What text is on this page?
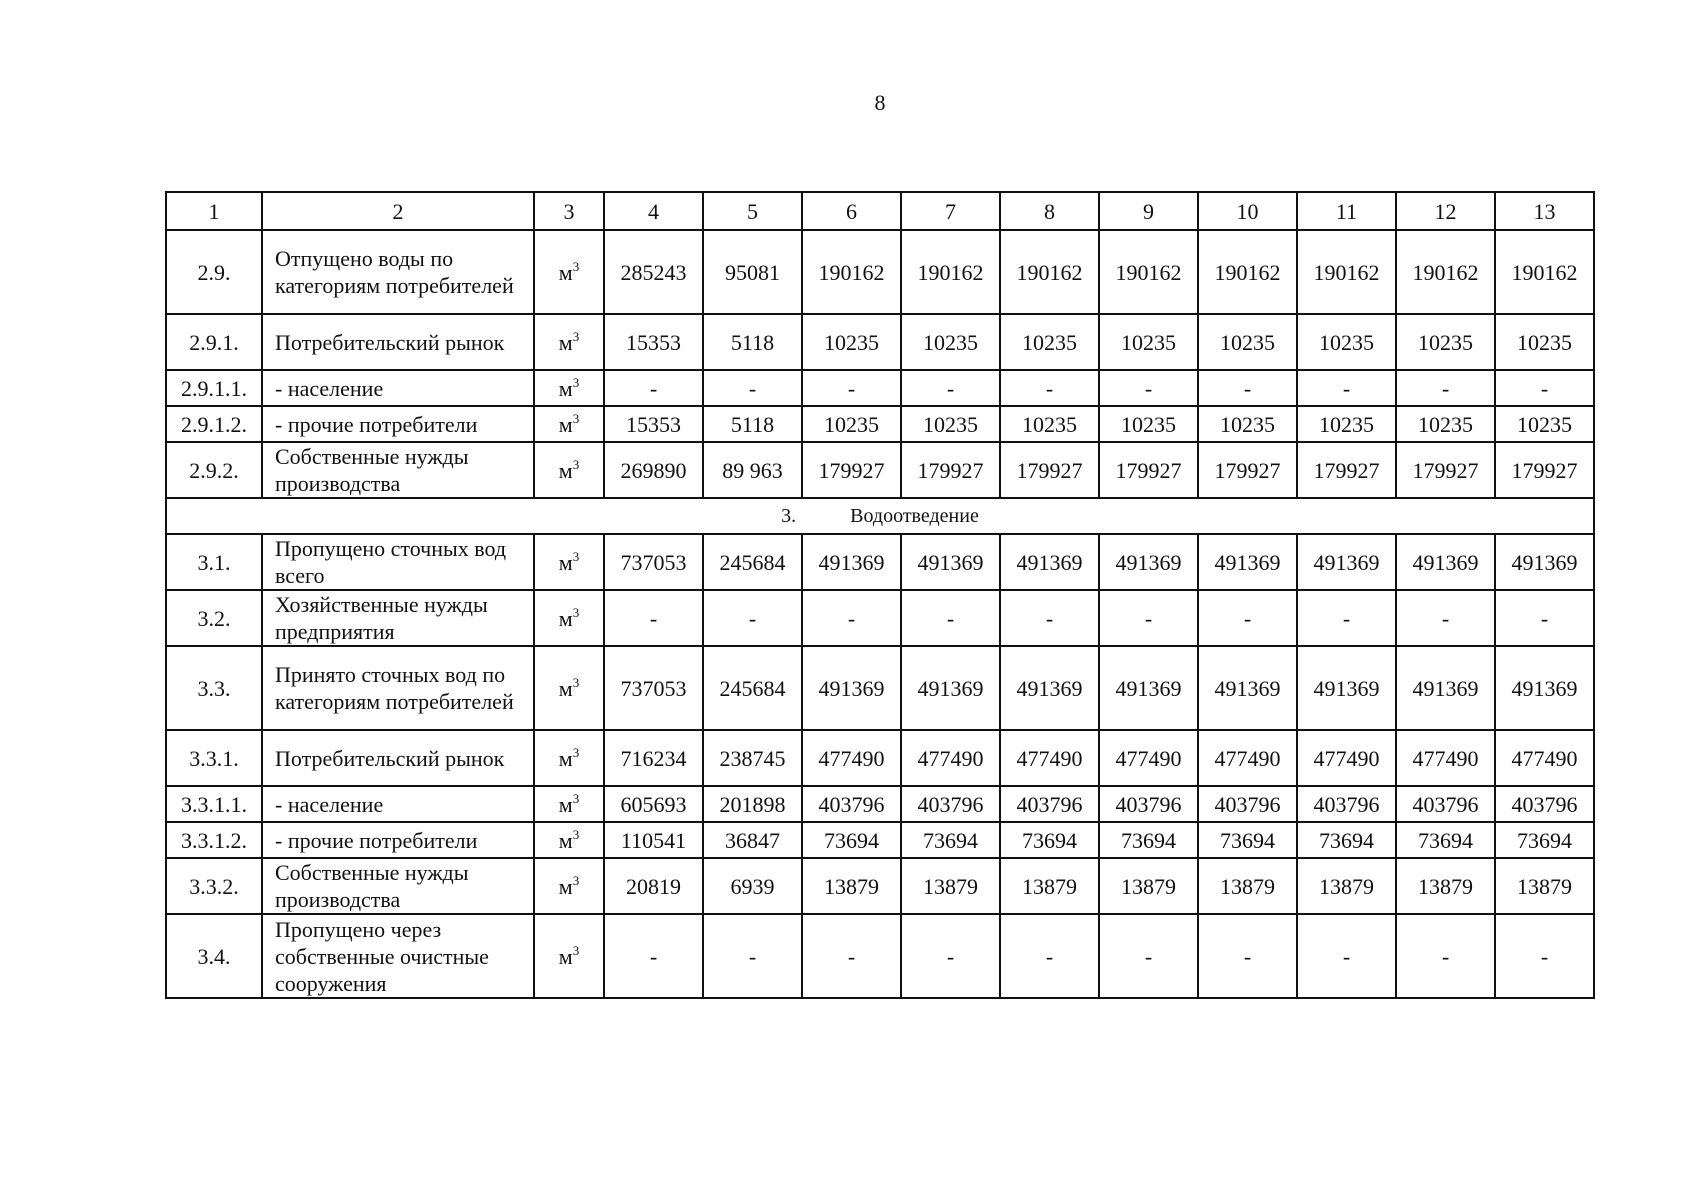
8
1	2	3	4	5	6	7	8	9	10	11	12	13
2.9.	Отпущено воды по категориям потребителей	$м^3$	285243	95081	190162	190162	190162	190162	190162	190162	190162	190162
2.9.1.	Потребительский рынок	$м^3$	15353	5118	10235	10235	10235	10235	10235	10235	10235	10235
2.9.1.1.	- население	$м^3$	-	-	-	-	-	-	-	-	-	-
2.9.1.2.	- прочие потребители	$м^3$	15353	5118	10235	10235	10235	10235	10235	10235	10235	10235
2.9.2.	Собственные нужды производства	$м^3$	269890	89 963	179927	179927	179927	179927	179927	179927	179927	179927
3. Водоотведение												
3.1.	Пропущено сточных вод всего	$м^3$	737053	245684	491369	491369	491369	491369	491369	491369	491369	491369
3.2.	Хозяйственные нужды предприятия	$м^3$	-	-	-	-	-	-	-	-	-	-
3.3.	Принято сточных вод по категориям потребителей	$м^3$	737053	245684	491369	491369	491369	491369	491369	491369	491369	491369
3.3.1.	Потребительский рынок	$м^3$	716234	238745	477490	477490	477490	477490	477490	477490	477490	477490
3.3.1.1.	- население	$м^3$	605693	201898	403796	403796	403796	403796	403796	403796	403796	403796
3.3.1.2.	- прочие потребители	$м^3$	110541	36847	73694	73694	73694	73694	73694	73694	73694	73694
3.3.2.	Собственные нужды производства	$м^3$	20819	6939	13879	13879	13879	13879	13879	13879	13879	13879
3.4.	Пропущено через собственные очистные сооружения	$м^3$	-	-	-	-	-	-	-	-	-	-
